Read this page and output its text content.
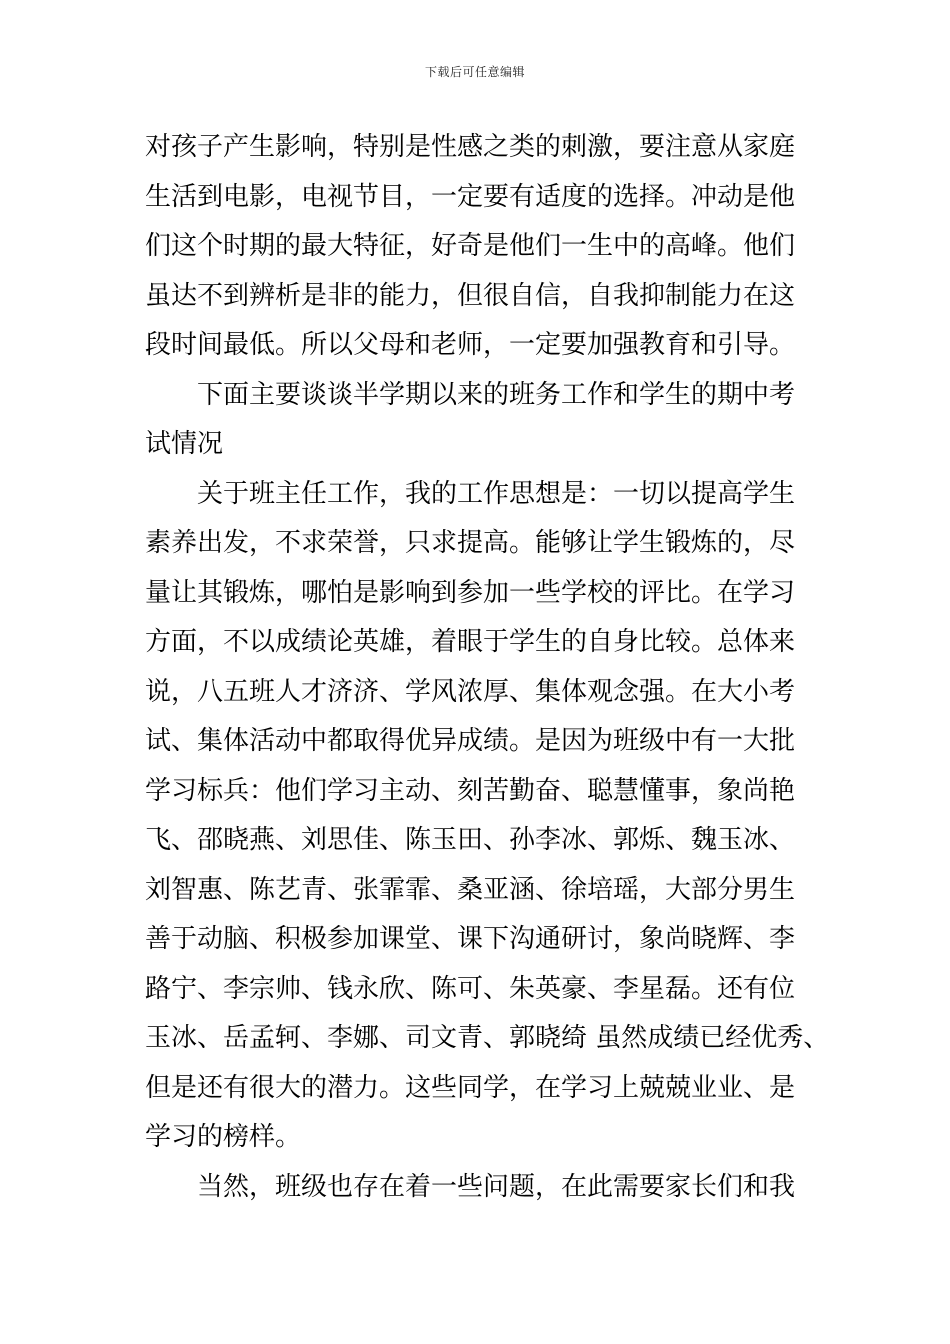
下载后可任意编辑
对孩子产生影响，特别是性感之类的刺激，要注意从家庭
生活到电影，电视节目，一定要有适度的选择。冲动是他
们这个时期的最大特征，好奇是他们一生中的高峰。他们
虽达不到辨析是非的能力，但很自信，自我抑制能力在这
段时间最低。所以父母和老师，一定要加强教育和引导。
下面主要谈谈半学期以来的班务工作和学生的期中考
试情况
关于班主任工作，我的工作思想是：一切以提高学生
素养出发，不求荣誉，只求提高。能够让学生锻炼的，尽
量让其锻炼，哪怕是影响到参加一些学校的评比。在学习
方面，不以成绩论英雄，着眼于学生的自身比较。总体来
说，八五班人才济济、学风浓厚、集体观念强。在大小考
试、集体活动中都取得优异成绩。是因为班级中有一大批
学习标兵：他们学习主动、刻苦勤奋、聪慧懂事，象尚艳
飞、邵晓燕、刘思佳、陈玉田、孙李冰、郭烁、魏玉冰、
刘智惠、陈艺青、张霏霏、桑亚涵、徐培瑶，大部分男生
善于动脑、积极参加课堂、课下沟通研讨，象尚晓辉、李
路宁、李宗帅、钱永欣、陈可、朱英豪、李星磊。还有位
玉冰、岳孟轲、李娜、司文青、郭晓绮 虽然成绩已经优秀、
但是还有很大的潜力。这些同学，在学习上兢兢业业、是
学习的榜样。
当然，班级也存在着一些问题，在此需要家长们和我
